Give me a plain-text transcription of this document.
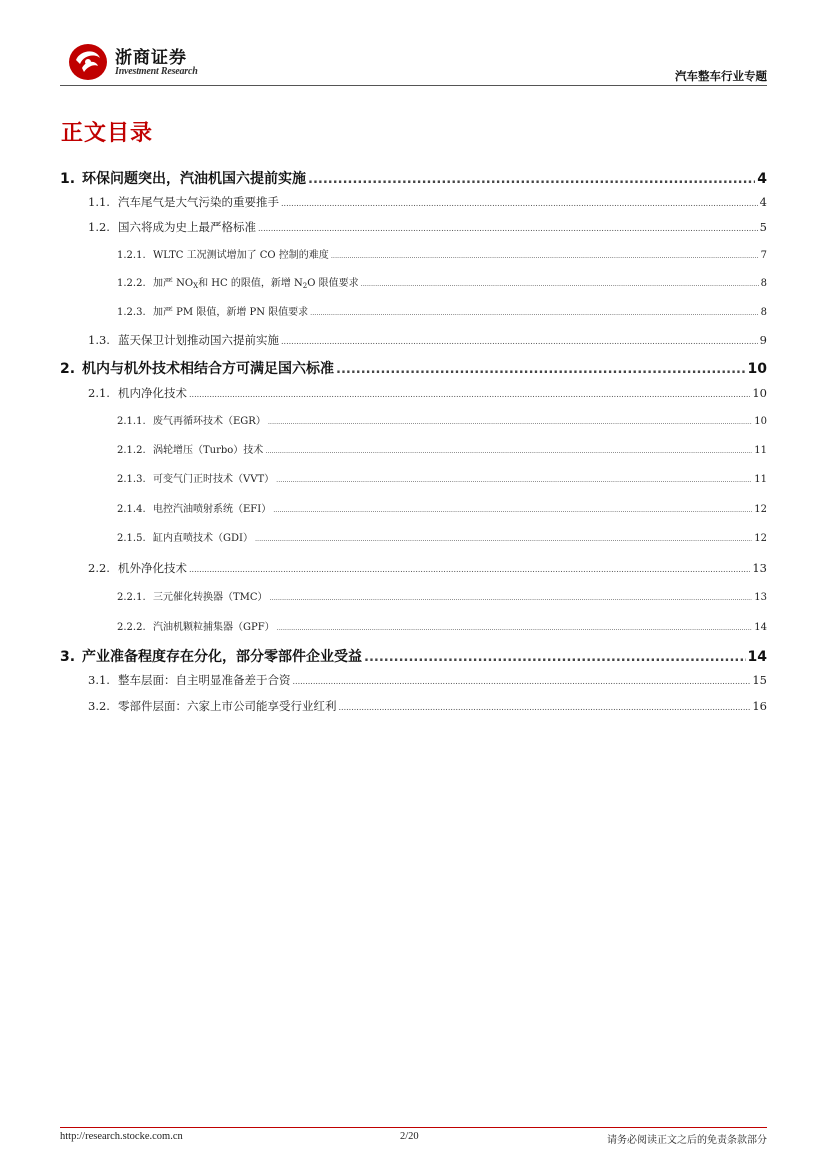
浙商证券
Investment Research	汽车整车行业专题
正文目录
1. 环保问题突出，汽油机国六提前实施 .....	4
1.1. 汽车尾气是大气污染的重要推手 .....	4
1.2. 国六将成为史上最严格标准 .....	5
1.2.1. WLTC 工况测试增加了 CO 控制的难度 .....	7
1.2.2. 加严 $NO_X$和 HC 的限值，新增 $N_2O$ 限值要求 .....	8
1.2.3. 加严 PM 限值，新增 PN 限值要求 .....	8
1.3. 蓝天保卫计划推动国六提前实施 .....	9
2. 机内与机外技术相结合方可满足国六标准 .....	10
2.1. 机内净化技术 .....	10
2.1.1. 废气再循环技术（EGR） .....	10
2.1.2. 涡轮增压（Turbo）技术 .....	11
2.1.3. 可变气门正时技术（VVT） .....	11
2.1.4. 电控汽油喷射系统（EFI） .....	12
2.1.5. 缸内直喷技术（GDI） .....	12
2.2. 机外净化技术 .....	13
2.2.1. 三元催化转换器（TMC） .....	13
2.2.2. 汽油机颗粒捕集器（GPF） .....	14
3. 产业准备程度存在分化，部分零部件企业受益 .....	14
3.1. 整车层面：自主明显准备差于合资 .....	15
3.2. 零部件层面：六家上市公司能享受行业红利 .....	16
http://research.stocke.com.cn	2/20	请务必阅读正文之后的免责条款部分
